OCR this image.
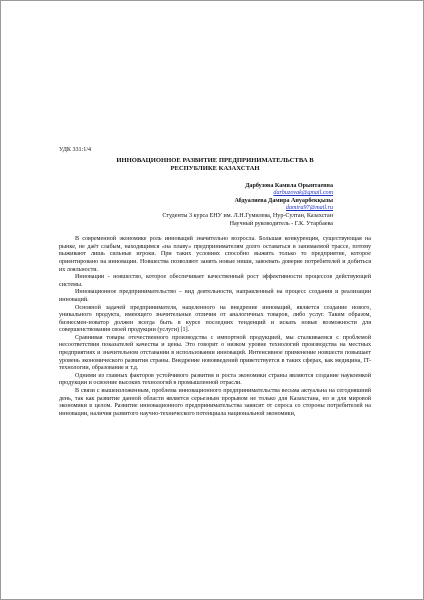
УДК 331:1/4
ИННОВАЦИОННОЕ РАЗВИТИЕ ПРЕДПРИНИМАТЕЛЬСТВА В
РЕСПУБЛИКЕ КАЗАХСТАН
Дарбузова Камила Орынтаевна
darbuzovak@gmail.com
Абдуалиева Дамира Ануарбекқызы
damira97@mail.ru
Студенты 3 курса ЕНУ им. Л.Н.Гумилева, Нур-Султан, Казахстан
Научный руководитель - Г.К. Утарбаева

В современной экономике роль инноваций значительно возросла. Большая конкуренция, существующая на рынке, не даёт слабым, находящимся «на плаву» предпринимателям долго оставаться в занимаемой трассе, потому выживают лишь сильные игроки. При таких условиях способно выжить только то предприятие, которое ориентировано на инновации. Новшества позволяют занять новые ниши, завоевать доверие потребителей и добиться их лояльности.

Инновации - новшество, которое обеспечивает качественный рост эффективности процессов действующей системы.

Инновационное предпринимательство – вид деятельности, направленный на процесс создания и реализации инноваций.

Основной задачей предпринимателя, нацеленного на внедрение инноваций, является создание нового, уникального продукта, имеющего значительные отличия от аналогичных товаров, либо услуг. Таким образом, бизнесмен-новатор должен всегда быть в курсе последних тенденций и искать новые возможности для совершенствования своей продукции (услуги) [1].

Сравнивая товары отечественного производства с импортной продукцией, мы сталкиваемся с проблемой несоответствия показателей качества и цены. Это говорит о низком уровне технологий производства на местных предприятиях и значительном отставании в использовании инноваций. Интенсивное применение новшеств повышает уровень экономического развития страны. Внедрение нововведений приветствуется в таких сферах, как медицина, IT-технологии, образование и т.д.

Одними из главных факторов устойчивого развития и роста экономики страны являются создание наукоемкой продукции и освоение высоких технологий в промышленной отрасли.

В связи с вышеизложенным, проблема инновационного предпринимательства весьма актуальна на сегодняшний день, так как развитие данной области является серьезным прорывом не только для Казахстана, но и для мировой экономики в целом. Развитие инновационного предпринимательства зависит от спроса со стороны потребителей на инновации, наличия развитого научно-технического потенциала национальной экономики,
